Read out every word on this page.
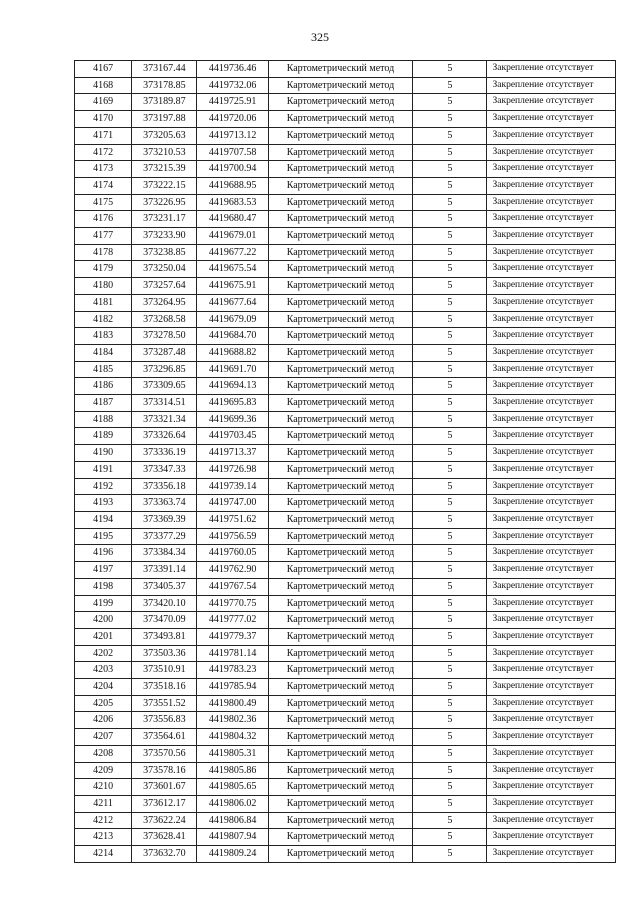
325
4167	373167.44	4419736.46	Картометрический метод	5	Закрепление отсутствует
4168	373178.85	4419732.06	Картометрический метод	5	Закрепление отсутствует
4169	373189.87	4419725.91	Картометрический метод	5	Закрепление отсутствует
4170	373197.88	4419720.06	Картометрический метод	5	Закрепление отсутствует
4171	373205.63	4419713.12	Картометрический метод	5	Закрепление отсутствует
4172	373210.53	4419707.58	Картометрический метод	5	Закрепление отсутствует
4173	373215.39	4419700.94	Картометрический метод	5	Закрепление отсутствует
4174	373222.15	4419688.95	Картометрический метод	5	Закрепление отсутствует
4175	373226.95	4419683.53	Картометрический метод	5	Закрепление отсутствует
4176	373231.17	4419680.47	Картометрический метод	5	Закрепление отсутствует
4177	373233.90	4419679.01	Картометрический метод	5	Закрепление отсутствует
4178	373238.85	4419677.22	Картометрический метод	5	Закрепление отсутствует
4179	373250.04	4419675.54	Картометрический метод	5	Закрепление отсутствует
4180	373257.64	4419675.91	Картометрический метод	5	Закрепление отсутствует
4181	373264.95	4419677.64	Картометрический метод	5	Закрепление отсутствует
4182	373268.58	4419679.09	Картометрический метод	5	Закрепление отсутствует
4183	373278.50	4419684.70	Картометрический метод	5	Закрепление отсутствует
4184	373287.48	4419688.82	Картометрический метод	5	Закрепление отсутствует
4185	373296.85	4419691.70	Картометрический метод	5	Закрепление отсутствует
4186	373309.65	4419694.13	Картометрический метод	5	Закрепление отсутствует
4187	373314.51	4419695.83	Картометрический метод	5	Закрепление отсутствует
4188	373321.34	4419699.36	Картометрический метод	5	Закрепление отсутствует
4189	373326.64	4419703.45	Картометрический метод	5	Закрепление отсутствует
4190	373336.19	4419713.37	Картометрический метод	5	Закрепление отсутствует
4191	373347.33	4419726.98	Картометрический метод	5	Закрепление отсутствует
4192	373356.18	4419739.14	Картометрический метод	5	Закрепление отсутствует
4193	373363.74	4419747.00	Картометрический метод	5	Закрепление отсутствует
4194	373369.39	4419751.62	Картометрический метод	5	Закрепление отсутствует
4195	373377.29	4419756.59	Картометрический метод	5	Закрепление отсутствует
4196	373384.34	4419760.05	Картометрический метод	5	Закрепление отсутствует
4197	373391.14	4419762.90	Картометрический метод	5	Закрепление отсутствует
4198	373405.37	4419767.54	Картометрический метод	5	Закрепление отсутствует
4199	373420.10	4419770.75	Картометрический метод	5	Закрепление отсутствует
4200	373470.09	4419777.02	Картометрический метод	5	Закрепление отсутствует
4201	373493.81	4419779.37	Картометрический метод	5	Закрепление отсутствует
4202	373503.36	4419781.14	Картометрический метод	5	Закрепление отсутствует
4203	373510.91	4419783.23	Картометрический метод	5	Закрепление отсутствует
4204	373518.16	4419785.94	Картометрический метод	5	Закрепление отсутствует
4205	373551.52	4419800.49	Картометрический метод	5	Закрепление отсутствует
4206	373556.83	4419802.36	Картометрический метод	5	Закрепление отсутствует
4207	373564.61	4419804.32	Картометрический метод	5	Закрепление отсутствует
4208	373570.56	4419805.31	Картометрический метод	5	Закрепление отсутствует
4209	373578.16	4419805.86	Картометрический метод	5	Закрепление отсутствует
4210	373601.67	4419805.65	Картометрический метод	5	Закрепление отсутствует
4211	373612.17	4419806.02	Картометрический метод	5	Закрепление отсутствует
4212	373622.24	4419806.84	Картометрический метод	5	Закрепление отсутствует
4213	373628.41	4419807.94	Картометрический метод	5	Закрепление отсутствует
4214	373632.70	4419809.24	Картометрический метод	5	Закрепление отсутствует
